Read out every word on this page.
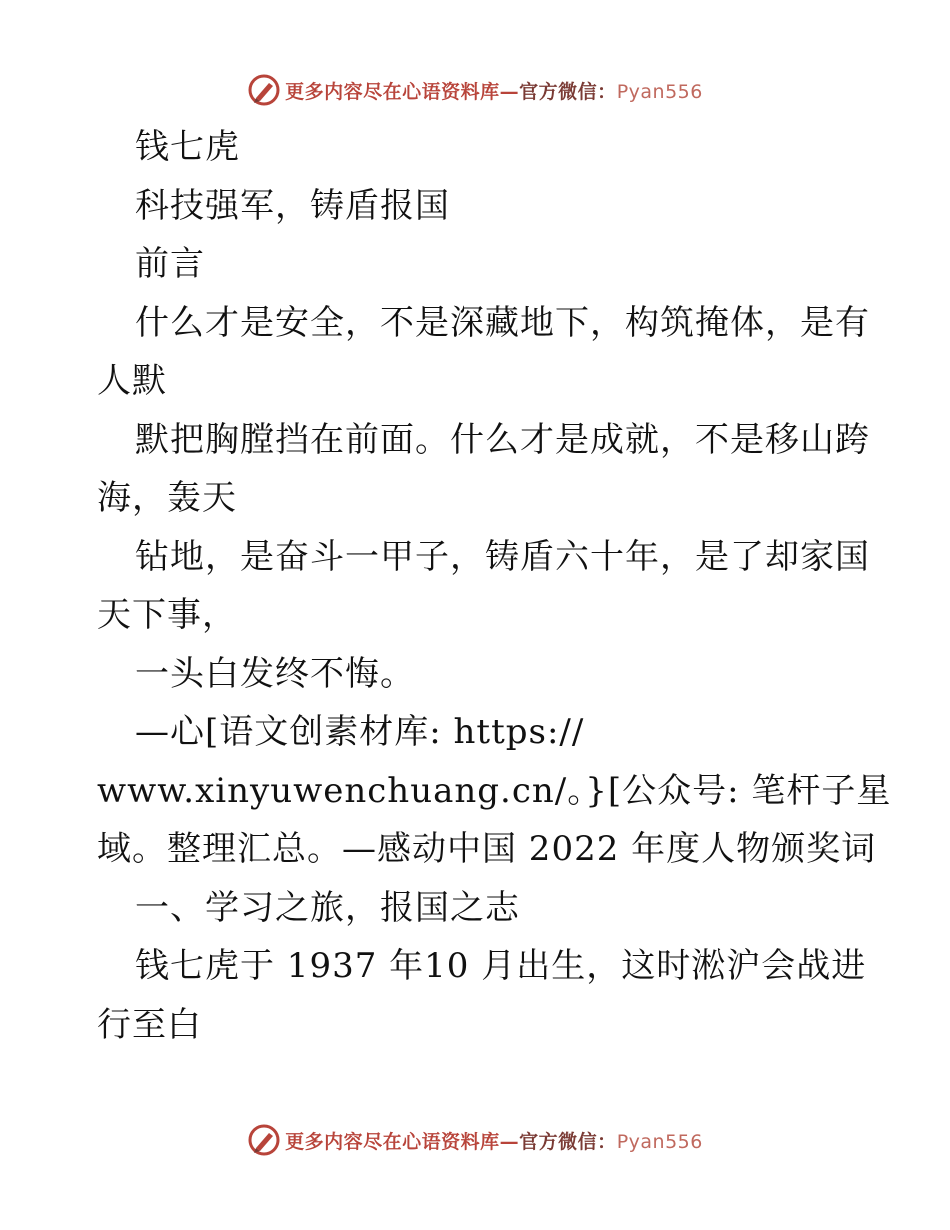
更多内容尽在心语资料库—官方微信：Pyan556
钱七虎
科技强军，铸盾报国
前言
什么才是安全，不是深藏地下，构筑掩体，是有
人默
默把胸膛挡在前面。什么才是成就，不是移山跨
海，轰天
钻地，是奋斗一甲子，铸盾六十年，是了却家国
天下事，
一头白发终不悔。
—心[语文创素材库: https://
www.xinyuwenchuang.cn/。}[公众号: 笔杆子星
域。整理汇总。—感动中国 2022 年度人物颁奖词
一、学习之旅，报国之志
钱七虎于 1937 年10 月出生，这时淞沪会战进
行至白
更多内容尽在心语资料库—官方微信：Pyan556
